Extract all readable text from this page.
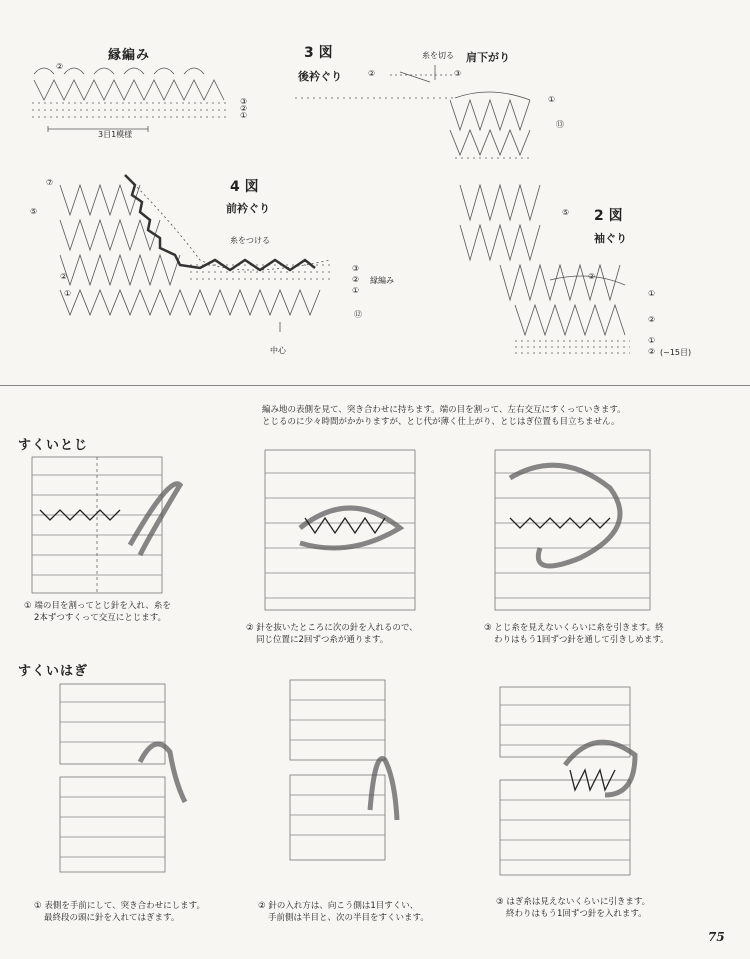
縁編み
②
③
②
①
3目1模様
3 図
後衿ぐり
糸を切る 肩下がり
②	③
①
⑬
4 図
前衿ぐり
糸をつける
⑦
⑤
②
①
③
②
①
縁編み
⑫
中心
2 図
袖ぐり
⑤
②
①
②
①
② (~15目)
編み地の表側を見て、突き合わせに持ちます。端の目を割って、左右交互にすくっていきます。
とじるのに少々時間がかかりますが、とじ代が薄く仕上がり、とじはぎ位置も目立ちません。
すくいとじ
① 端の目を割ってとじ針を入れ、糸を
2本ずつすくって交互にとじます。
② 針を抜いたところに次の針を入れるので、
同じ位置に2回ずつ糸が通ります。
③ とじ糸を見えないくらいに糸を引きます。終
わりはもう1回ずつ針を通して引きしめます。
すくいはぎ
① 表側を手前にして、突き合わせにします。
最終段の頭に針を入れてはぎます。
② 針の入れ方は、向こう側は1目すくい、
手前側は半目と、次の半目をすくいます。
③ はぎ糸は見えないくらいに引きます。
終わりはもう1回ずつ針を入れます。
75
